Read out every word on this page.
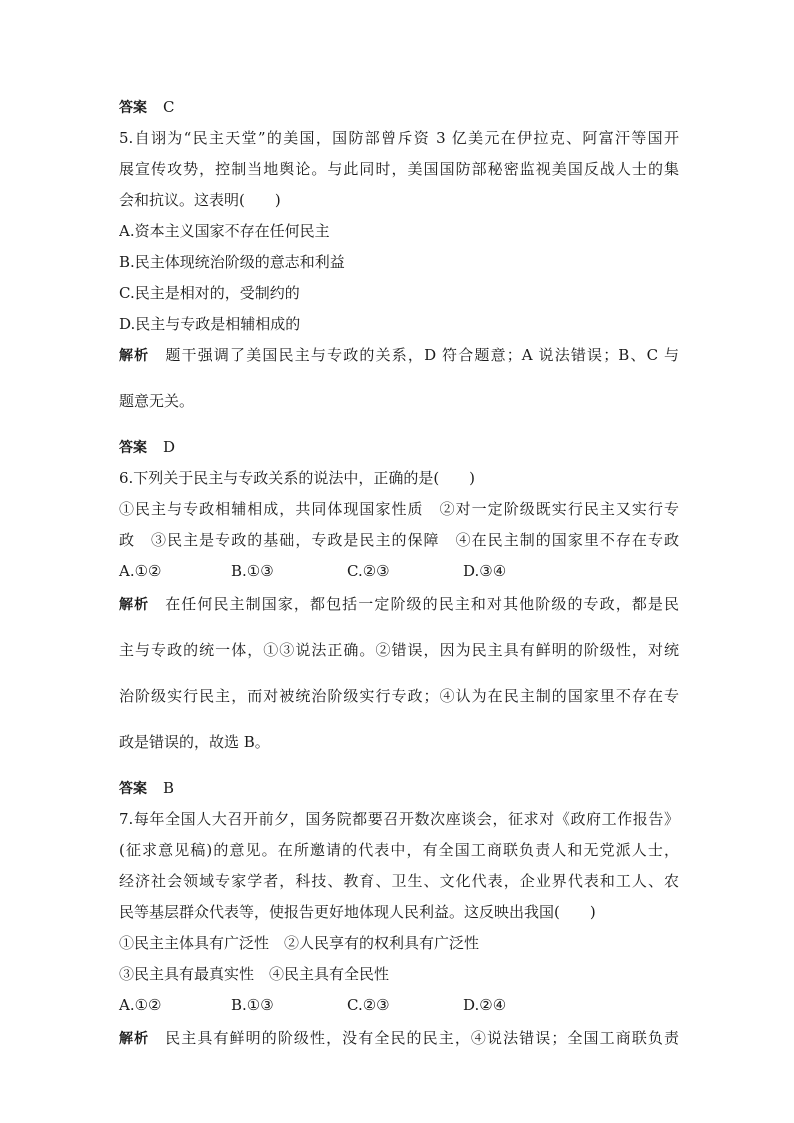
答案 C
5.自诩为“民主天堂”的美国，国防部曾斥资 3 亿美元在伊拉克、阿富汗等国开
展宣传攻势，控制当地舆论。与此同时，美国国防部秘密监视美国反战人士的集
会和抗议。这表明(　　)
A.资本主义国家不存在任何民主
B.民主体现统治阶级的意志和利益
C.民主是相对的，受制约的
D.民主与专政是相辅相成的
解析 题干强调了美国民主与专政的关系，D 符合题意；A 说法错误；B、C 与
题意无关。
答案 D
6.下列关于民主与专政关系的说法中，正确的是(　　)
①民主与专政相辅相成，共同体现国家性质　②对一定阶级既实行民主又实行专
政　③民主是专政的基础，专政是民主的保障　④在民主制的国家里不存在专政
A.①②	B.①③	C.②③	D.③④
解析 在任何民主制国家，都包括一定阶级的民主和对其他阶级的专政，都是民
主与专政的统一体，①③说法正确。②错误，因为民主具有鲜明的阶级性，对统
治阶级实行民主，而对被统治阶级实行专政；④认为在民主制的国家里不存在专
政是错误的，故选 B。
答案 B
7.每年全国人大召开前夕，国务院都要召开数次座谈会，征求对《政府工作报告》
(征求意见稿)的意见。在所邀请的代表中，有全国工商联负责人和无党派人士，
经济社会领域专家学者，科技、教育、卫生、文化代表，企业界代表和工人、农
民等基层群众代表等，使报告更好地体现人民利益。这反映出我国(　　)
①民主主体具有广泛性　②人民享有的权利具有广泛性
③民主具有最真实性　④民主具有全民性
A.①②	B.①③	C.②③	D.②④
解析 民主具有鲜明的阶级性，没有全民的民主，④说法错误；全国工商联负责
